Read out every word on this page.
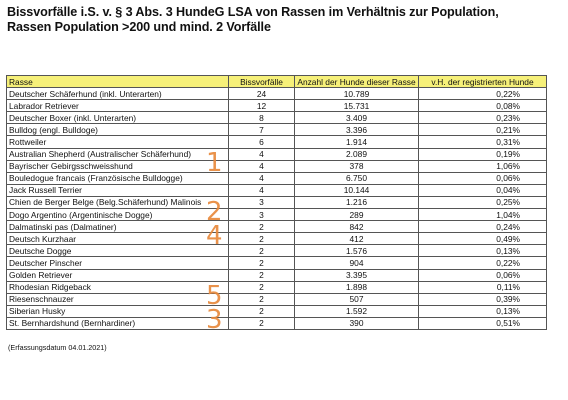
Bissvorfälle i.S. v. § 3 Abs. 3 HundeG LSA von Rassen im Verhältnis zur Population,
Rassen Population >200 und mind. 2 Vorfälle
Rasse	Bissvorfälle	Anzahl der Hunde dieser Rasse	v.H. der registrierten Hunde
Deutscher Schäferhund (inkl. Unterarten)	24	10.789	0,22%
Labrador Retriever	12	15.731	0,08%
Deutscher Boxer (inkl. Unterarten)	8	3.409	0,23%
Bulldog (engl. Bulldoge)	7	3.396	0,21%
Rottweiler	6	1.914	0,31%
Australian Shepherd (Australischer Schäferhund)	4	2.089	0,19%
Bayrischer Gebirgsschweisshund	4	378	1,06%
Bouledogue francais (Französische Bulldogge)	4	6.750	0,06%
Jack Russell Terrier	4	10.144	0,04%
Chien de Berger Belge (Belg.Schäferhund) Malinois	3	1.216	0,25%
Dogo Argentino (Argentinische Dogge)	3	289	1,04%
Dalmatinski pas (Dalmatiner)	2	842	0,24%
Deutsch Kurzhaar	2	412	0,49%
Deutsche Dogge	2	1.576	0,13%
Deutscher Pinscher	2	904	0,22%
Golden Retriever	2	3.395	0,06%
Rhodesian Ridgeback	2	1.898	0,11%
Riesenschnauzer	2	507	0,39%
Siberian Husky	2	1.592	0,13%
St. Bernhardshund (Bernhardiner)	2	390	0,51%
1
2
4
5
3
(Erfassungsdatum 04.01.2021)
